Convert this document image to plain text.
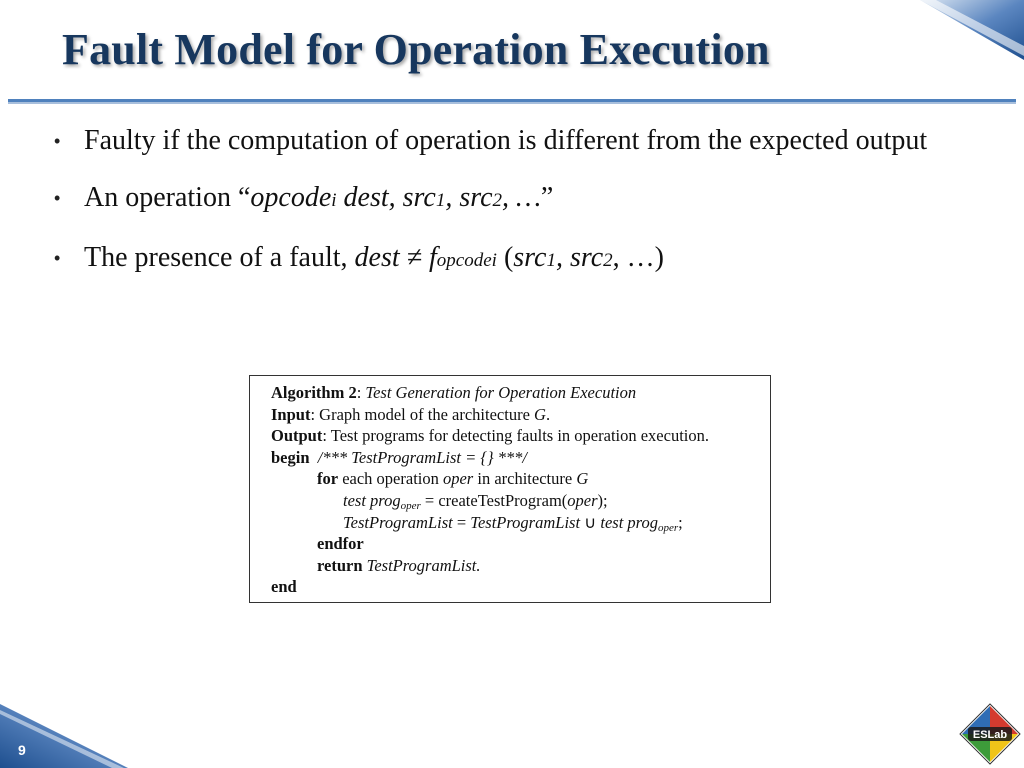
Fault Model for Operation Execution
• Faulty if the computation of operation is different from the expected output
• An operation “opcodei dest, src1, src2, …”
• The presence of a fault, dest ≠ fopcodei (src1, src2, …)
Algorithm 2: Test Generation for Operation Execution
Input: Graph model of the architecture G.
Output: Test programs for detecting faults in operation execution.
begin  /*** TestProgramList = {} ***/
for each operation oper in architecture G
test prog$_{oper}$ = createTestProgram(oper);
TestProgramList = TestProgramList ∪ test prog$_{oper}$;
endfor
return TestProgramList.
end
9
ESLab
